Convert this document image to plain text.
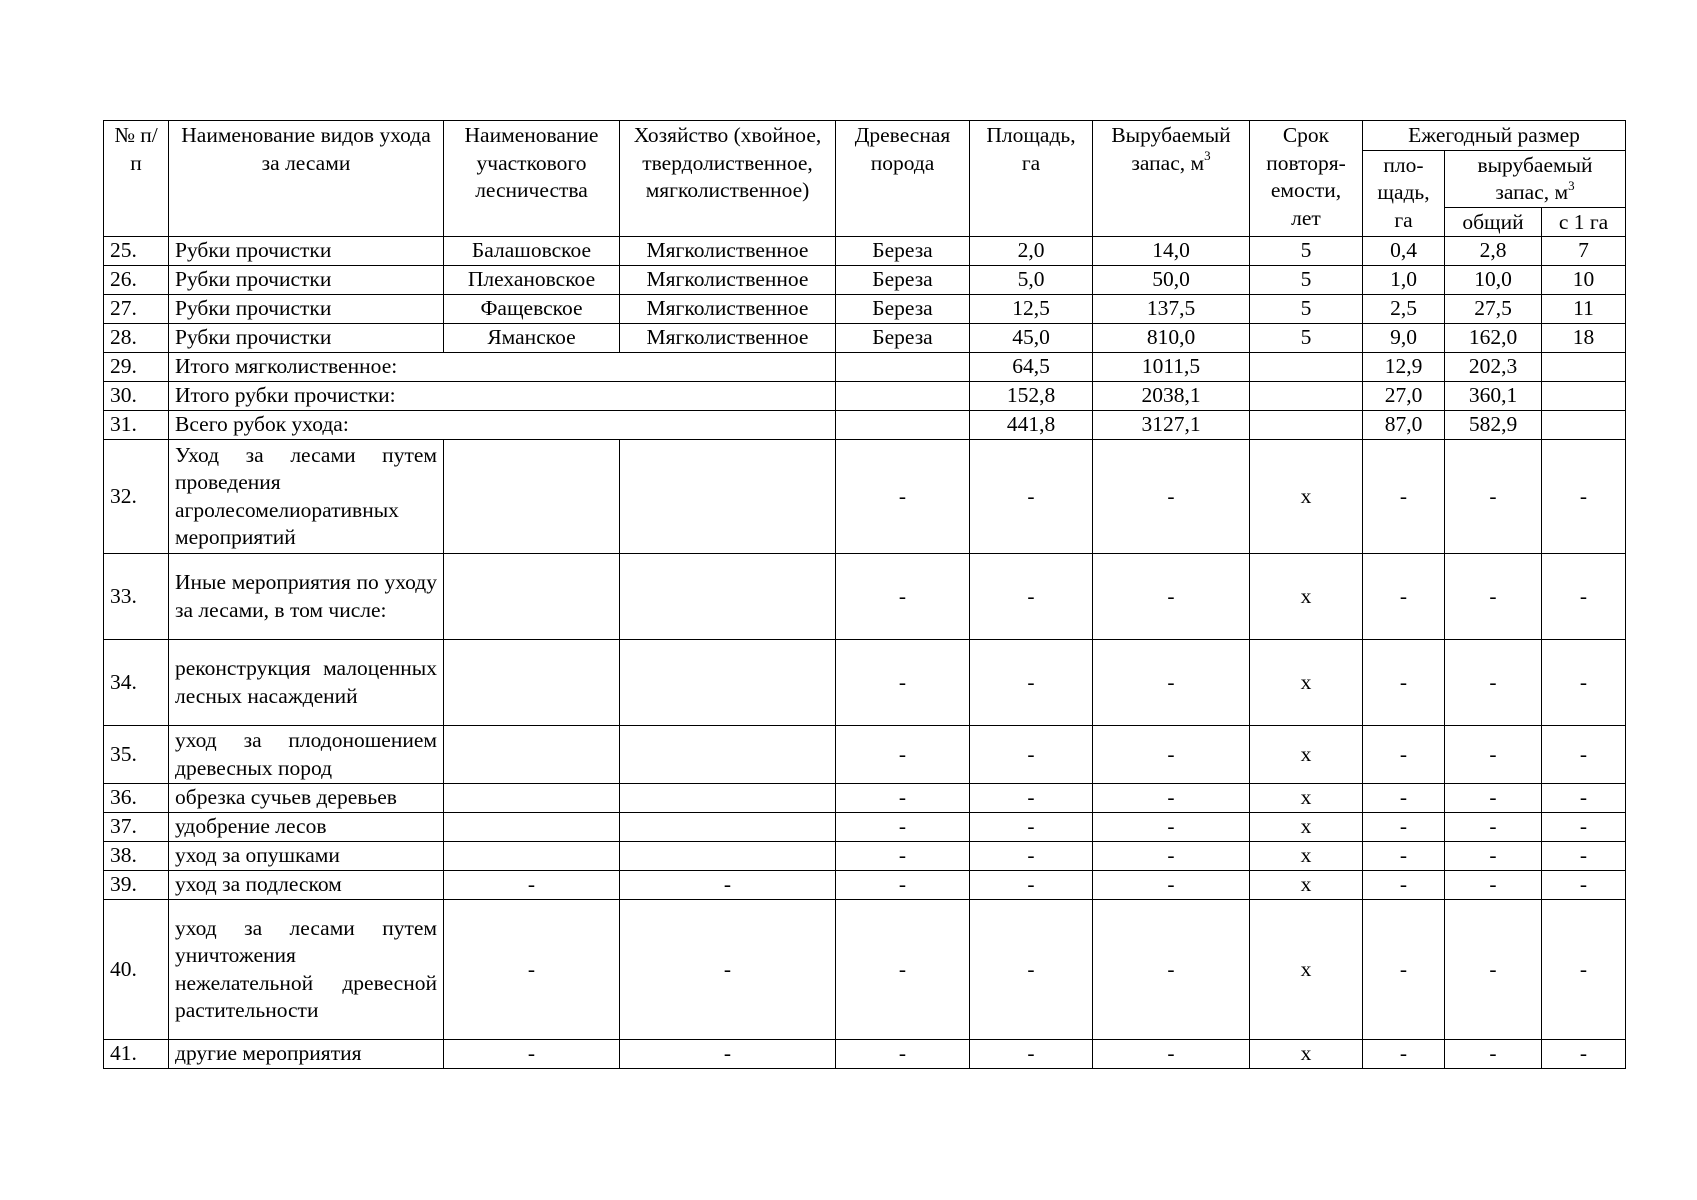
№ п/п	Наименование видов ухода за лесами	Наименование участкового лесничества	Хозяйство (хвойное, твердолиственное, мягколиственное)	Древесная порода	Площадь, га	Вырубаемый запас, $м^3$	Срок повторя- емости, лет	Ежегодный размер		
								пло- щадь, га	вырубаемый запас, $м^3$
									общий	с 1 га
25.	Рубки прочистки	Балашовское	Мягколиственное	Береза	2,0	14,0	5	0,4	2,8	7
26.	Рубки прочистки	Плехановское	Мягколиственное	Береза	5,0	50,0	5	1,0	10,0	10
27.	Рубки прочистки	Фащевское	Мягколиственное	Береза	12,5	137,5	5	2,5	27,5	11
28.	Рубки прочистки	Яманское	Мягколиственное	Береза	45,0	810,0	5	9,0	162,0	18
29.	Итого мягколиственное:				64,5	1011,5		12,9	202,3	
30.	Итого рубки прочистки:				152,8	2038,1		27,0	360,1	
31.	Всего рубок ухода:				441,8	3127,1		87,0	582,9	
32.	Уход за лесами путем проведения агролесомелиоративных мероприятий			-	-	-	х	-	-	-
33.	Иные мероприятия по уходу за лесами, в том числе:			-	-	-	х	-	-	-
34.	реконструкция малоценных лесных насаждений			-	-	-	х	-	-	-
35.	уход за плодоношением древесных пород			-	-	-	х	-	-	-
36.	обрезка сучьев деревьев			-	-	-	х	-	-	-
37.	удобрение лесов			-	-	-	х	-	-	-
38.	уход за опушками			-	-	-	х	-	-	-
39.	уход за подлеском	-	-	-	-	-	х	-	-	-
40.	уход за лесами путем уничтожения нежелательной древесной растительности	-	-	-	-	-	х	-	-	-
41.	другие мероприятия	-	-	-	-	-	х	-	-	-
